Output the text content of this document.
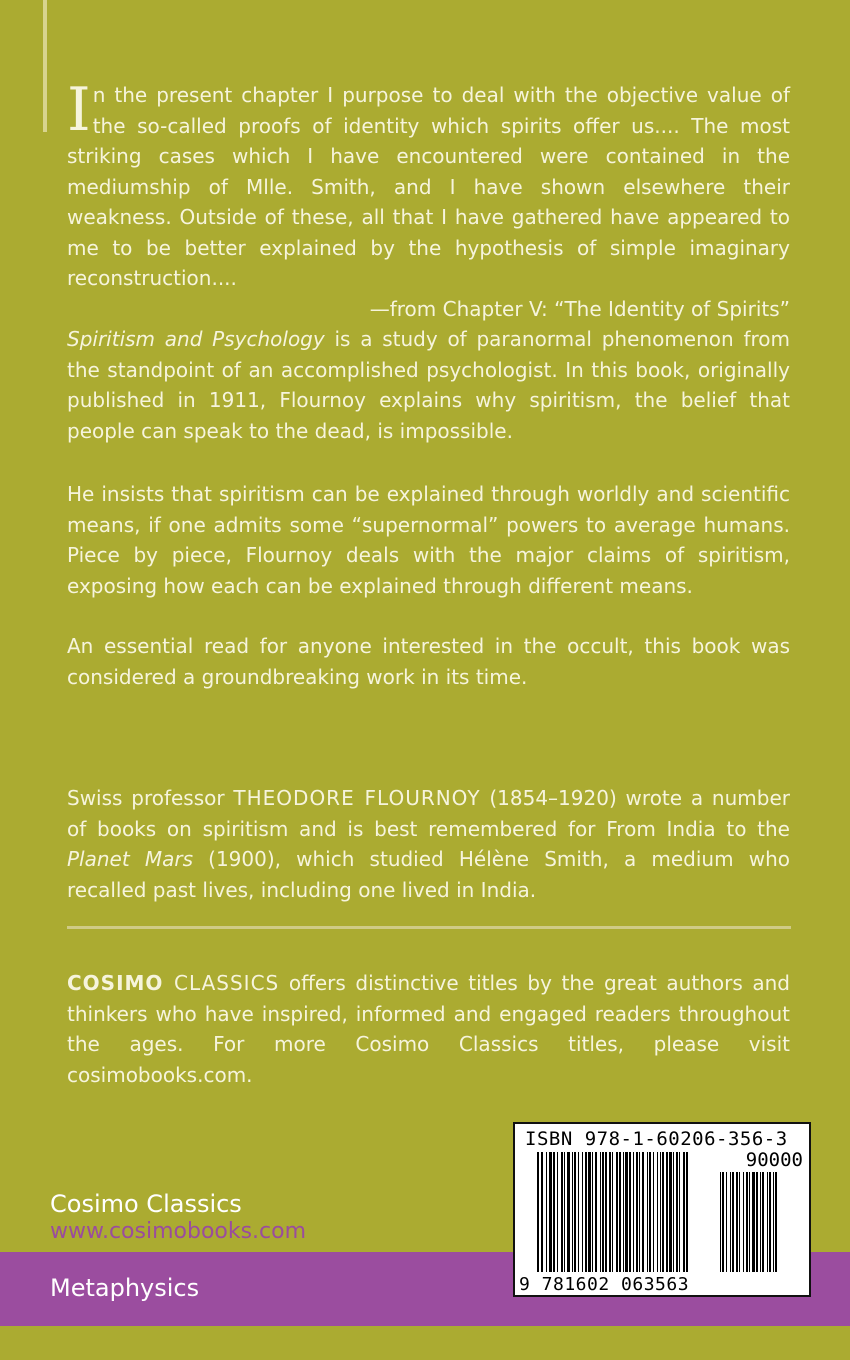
In the present chapter I purpose to deal with the objective value of the so-called proofs of identity which spirits offer us.... The most striking cases which I have encountered were contained in the mediumship of Mlle. Smith, and I have shown elsewhere their weakness. Outside of these, all that I have gathered have appeared to me to be better explained by the hypothesis of simple imaginary reconstruction....
—from Chapter V: “The Identity of Spirits”

Spiritism and Psychology is a study of paranormal phenomenon from the standpoint of an accomplished psychologist. In this book, originally published in 1911, Flournoy explains why spiritism, the belief that people can speak to the dead, is impossible.

He insists that spiritism can be explained through worldly and scientific means, if one admits some “supernormal” powers to average humans. Piece by piece, Flournoy deals with the major claims of spiritism, exposing how each can be explained through different means.

An essential read for anyone interested in the occult, this book was considered a groundbreaking work in its time.

Swiss professor THEODORE FLOURNOY (1854–1920) wrote a number of books on spiritism and is best remembered for From India to the Planet Mars (1900), which studied Hélène Smith, a medium who recalled past lives, including one lived in India.

COSIMO CLASSICS offers distinctive titles by the great authors and thinkers who have inspired, informed and engaged readers throughout the ages. For more Cosimo Classics titles, please visit cosimobooks.com.

Cosimo Classics

www.cosimobooks.com

Metaphysics

ISBN 978-1-60206-356-3
90000
9 781602 063563
